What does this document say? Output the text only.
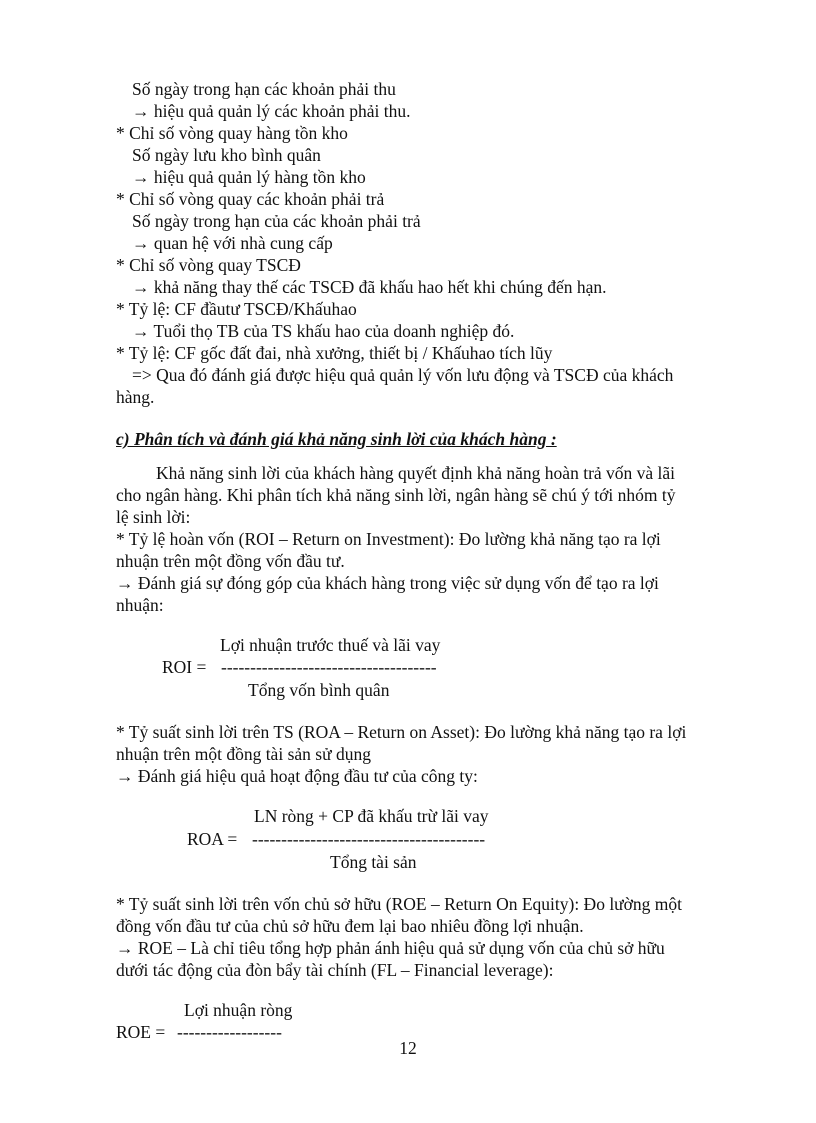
Số ngày trong hạn các khoản phải thu
→ hiệu quả quản lý các khoản phải thu.
* Chỉ số vòng quay hàng tồn kho
Số ngày lưu kho bình quân
→ hiệu quả quản lý hàng tồn kho
* Chỉ số vòng quay các khoản phải trả
Số ngày trong hạn của các khoản phải trả
→ quan hệ với nhà cung cấp
* Chỉ số vòng quay TSCĐ
→ khả năng thay thế các TSCĐ đã khấu hao hết khi chúng đến hạn.
* Tỷ lệ: CF đầutư TSCĐ/Khấuhao
→ Tuổi thọ TB của TS khấu hao của doanh nghiệp đó.
* Tỷ lệ: CF gốc đất đai, nhà xưởng, thiết bị / Khấuhao tích lũy
=> Qua đó đánh giá được hiệu quả quản lý vốn lưu động và TSCĐ của khách
hàng.
c) Phân tích và đánh giá khả năng sinh lời của khách hàng :
Khả năng sinh lời của khách hàng quyết định khả năng hoàn trả vốn và lãi
cho ngân hàng. Khi phân tích khả năng sinh lời, ngân hàng sẽ chú ý tới nhóm tỷ
lệ sinh lời:
* Tỷ lệ hoàn vốn (ROI – Return on Investment): Đo lường khả năng tạo ra lợi
nhuận trên một đồng vốn đầu tư.
→ Đánh giá sự đóng góp của khách hàng trong việc sử dụng vốn để tạo ra lợi
nhuận:
Lợi nhuận trước thuế và lãi vay
ROI = -------------------------------------
Tổng vốn bình quân
* Tỷ suất sinh lời trên TS (ROA – Return on Asset): Đo lường khả năng tạo ra lợi
nhuận trên một đồng tài sản sử dụng
→ Đánh giá hiệu quả hoạt động đầu tư của công ty:
LN ròng + CP đã khấu trừ lãi vay
ROA = ----------------------------------------
Tổng tài sản
* Tỷ suất sinh lời trên vốn chủ sở hữu (ROE – Return On Equity): Đo lường một
đồng vốn đầu tư của chủ sở hữu đem lại bao nhiêu đồng lợi nhuận.
→ ROE – Là chỉ tiêu tổng hợp phản ánh hiệu quả sử dụng vốn của chủ sở hữu
dưới tác động của đòn bẩy tài chính (FL – Financial leverage):
Lợi nhuận ròng
ROE = ------------------
12
